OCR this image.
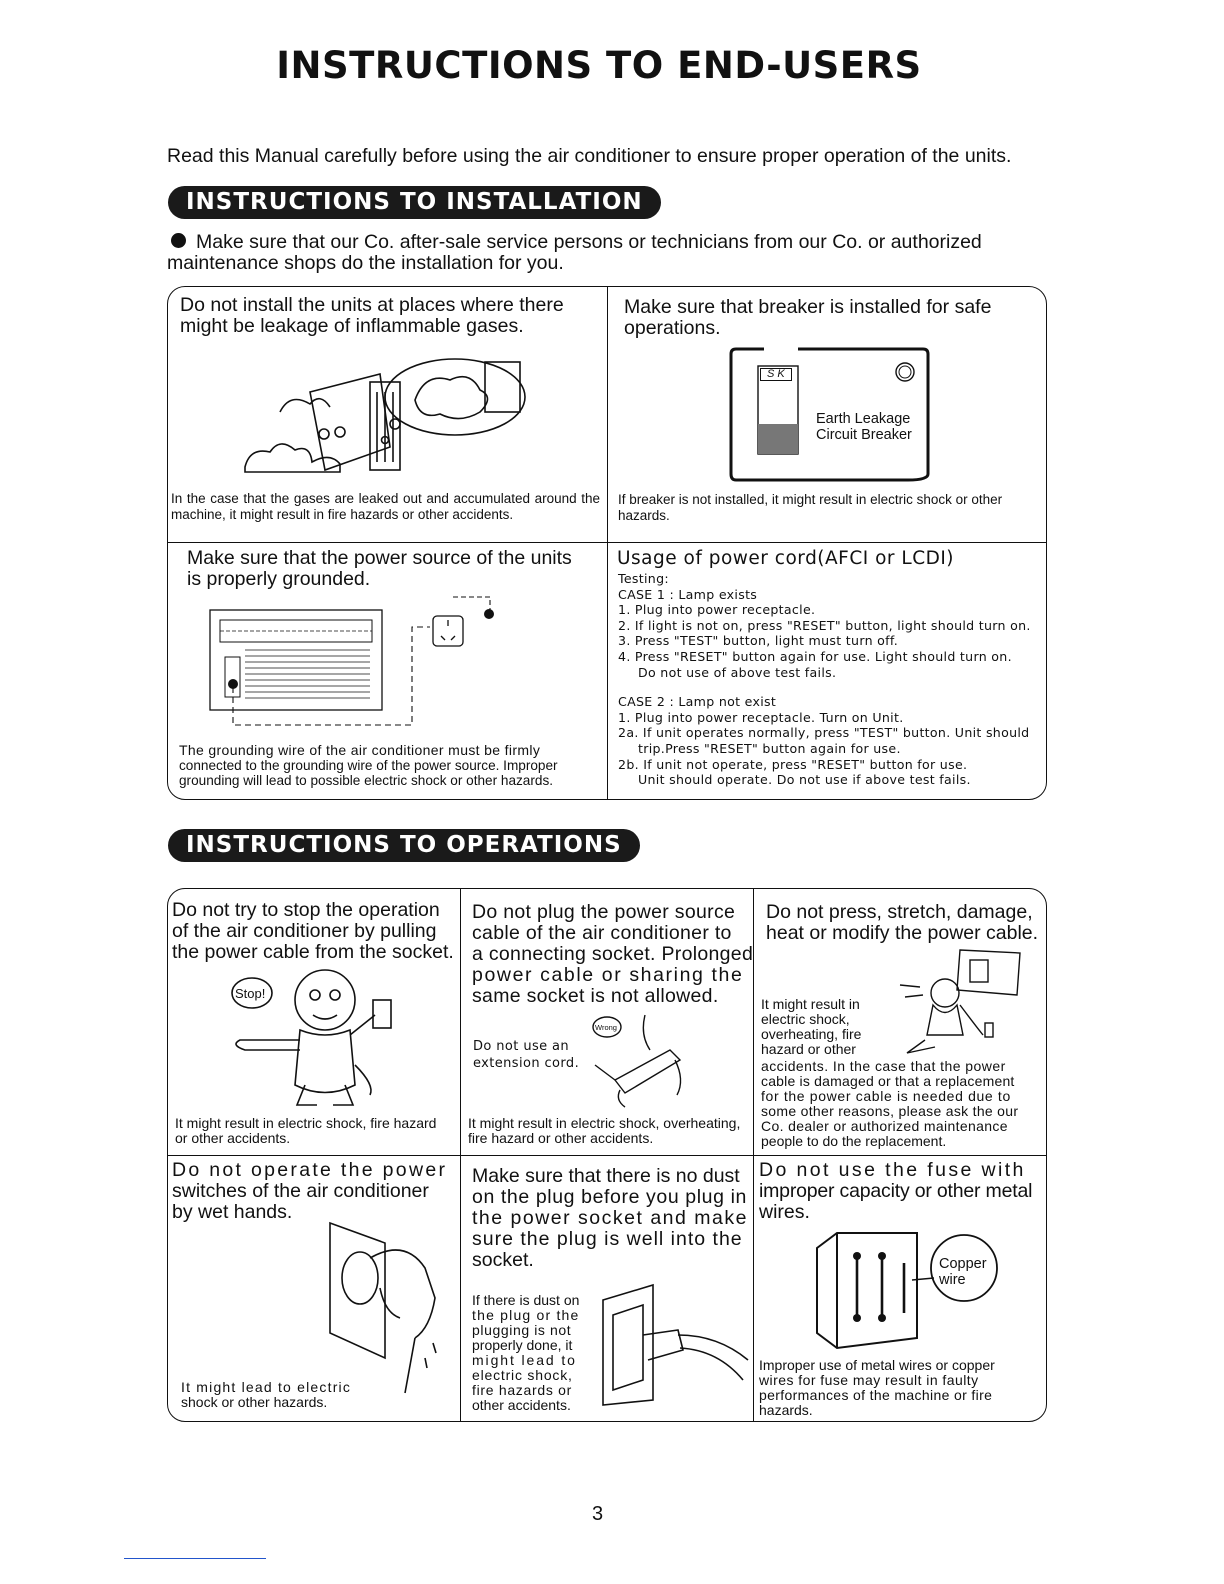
INSTRUCTIONS TO END-USERS
Read this Manual carefully before using the air conditioner to ensure proper operation of the units.
INSTRUCTIONS TO INSTALLATION
Make sure that our Co. after-sale service persons or technicians from our Co. or authorized
maintenance shops do the installation for you.
Do not install the units at places where there
might be leakage of inflammable gases.
In the case that the gases are leaked out and accumulated around the machine, it might result in fire hazards or other accidents.
Make sure that breaker is installed for safe
operations.
S K
Earth Leakage
Circuit Breaker
If breaker is not installed, it might result in electric shock or other hazards.
Make sure that the power source of the units
is properly grounded.
The grounding wire of the air conditioner must be firmly
connected to the grounding wire of the power source. Improper
grounding will lead to possible electric shock or other hazards.
Usage of power cord(AFCI or LCDI)
Testing:
CASE 1 : Lamp exists
1. Plug into power receptacle.
2. If light is not on, press "RESET" button, light should turn on.
3. Press "TEST" button, light must turn off.
4. Press "RESET" button again for use. Light should turn on.
Do not use of above test fails.
CASE 2 : Lamp not exist
1. Plug into power receptacle. Turn on Unit.
2a. If unit operates normally, press "TEST" button. Unit should
trip.Press "RESET" button again for use.
2b. If unit not operate, press "RESET" button for use.
Unit should operate. Do not use if above test fails.
INSTRUCTIONS TO OPERATIONS
Do not try to stop the operation
of the air conditioner by pulling
the power cable from the socket.
Stop!
It might result in electric shock, fire hazard
or other accidents.
Do not plug the power source
cable of the air conditioner to
a connecting socket. Prolonged
power cable or sharing the
same socket is not allowed.
Do not use an
extension cord.
Wrong
It might result in electric shock, overheating,
fire hazard or other accidents.
Do not press, stretch, damage,
heat or modify the power cable.
It might result in
electric shock,
overheating, fire
hazard or other
accidents. In the case that the power
cable is damaged or that a replacement
for the power cable is needed due to
some other reasons, please ask the our
Co. dealer or authorized maintenance
people to do the replacement.
Do not operate the power
switches of the air conditioner
by wet hands.
It might lead to electric
shock or other hazards.
Make sure that there is no dust
on the plug before you plug in
the power socket and make
sure the plug is well into the
socket.
If there is dust on
the plug or the
plugging is not
properly done, it
might lead to
electric shock,
fire hazards or
other accidents.
Do not use the fuse with
improper capacity or other metal
wires.
Copper
wire
Improper use of metal wires or copper
wires for fuse may result in faulty
performances of the machine or fire
hazards.
3
